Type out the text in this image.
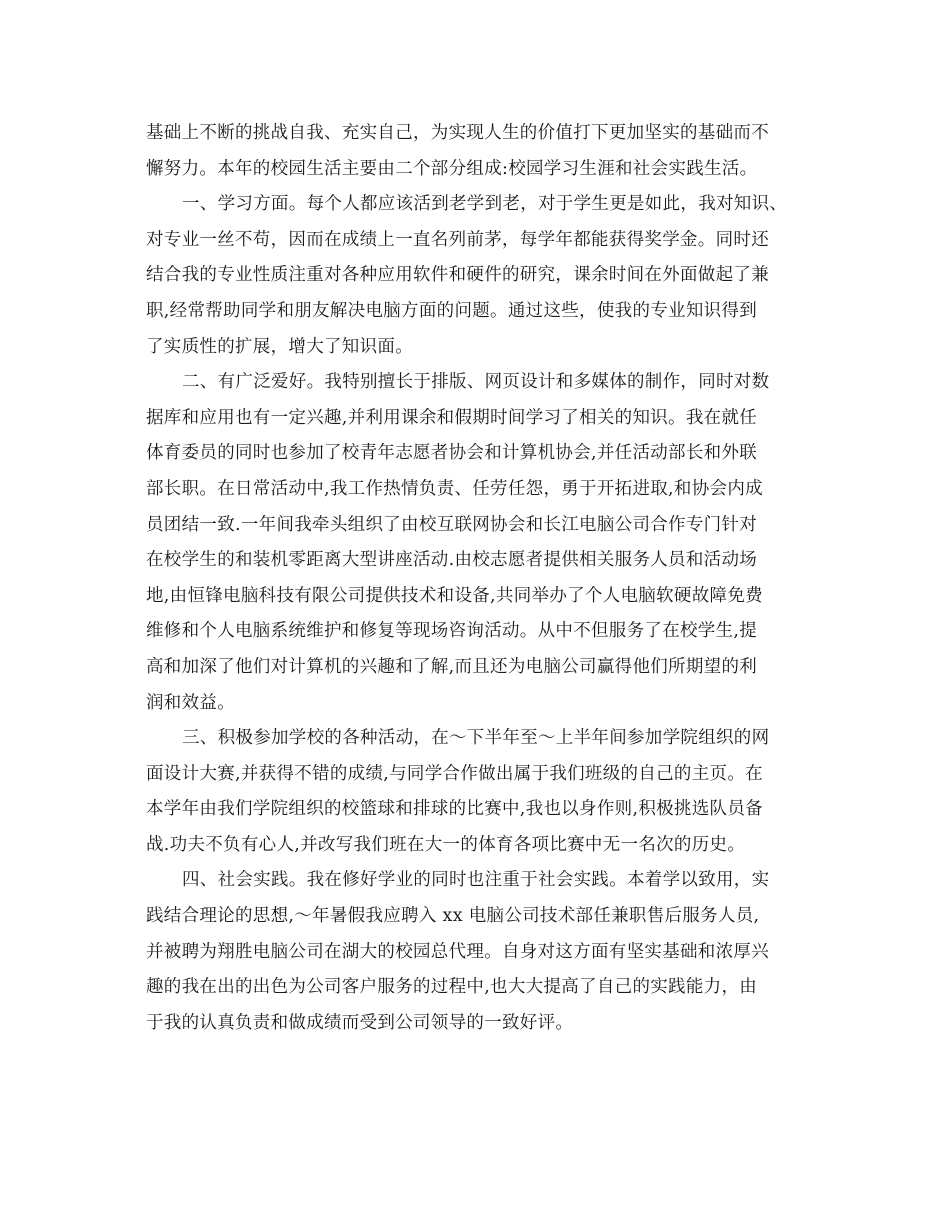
基础上不断的挑战自我、充实自己，为实现人生的价值打下更加坚实的基础而不
懈努力。本年的校园生活主要由二个部分组成:校园学习生涯和社会实践生活。
一、学习方面。每个人都应该活到老学到老，对于学生更是如此，我对知识、
对专业一丝不苟，因而在成绩上一直名列前茅，每学年都能获得奖学金。同时还
结合我的专业性质注重对各种应用软件和硬件的研究，课余时间在外面做起了兼
职,经常帮助同学和朋友解决电脑方面的问题。通过这些，使我的专业知识得到
了实质性的扩展，增大了知识面。
二、有广泛爱好。我特别擅长于排版、网页设计和多媒体的制作，同时对数
据库和应用也有一定兴趣,并利用课余和假期时间学习了相关的知识。我在就任
体育委员的同时也参加了校青年志愿者协会和计算机协会,并任活动部长和外联
部长职。在日常活动中,我工作热情负责、任劳任怨，勇于开拓进取,和协会内成
员团结一致.一年间我牵头组织了由校互联网协会和长江电脑公司合作专门针对
在校学生的和装机零距离大型讲座活动.由校志愿者提供相关服务人员和活动场
地,由恒锋电脑科技有限公司提供技术和设备,共同举办了个人电脑软硬故障免费
维修和个人电脑系统维护和修复等现场咨询活动。从中不但服务了在校学生,提
高和加深了他们对计算机的兴趣和了解,而且还为电脑公司赢得他们所期望的利
润和效益。
三、积极参加学校的各种活动，在～下半年至～上半年间参加学院组织的网
面设计大赛,并获得不错的成绩,与同学合作做出属于我们班级的自己的主页。在
本学年由我们学院组织的校篮球和排球的比赛中,我也以身作则,积极挑选队员备
战.功夫不负有心人,并改写我们班在大一的体育各项比赛中无一名次的历史。
四、社会实践。我在修好学业的同时也注重于社会实践。本着学以致用，实
践结合理论的思想,～年暑假我应聘入 xx 电脑公司技术部任兼职售后服务人员,
并被聘为翔胜电脑公司在湖大的校园总代理。自身对这方面有坚实基础和浓厚兴
趣的我在出的出色为公司客户服务的过程中,也大大提高了自己的实践能力，由
于我的认真负责和做成绩而受到公司领导的一致好评。
